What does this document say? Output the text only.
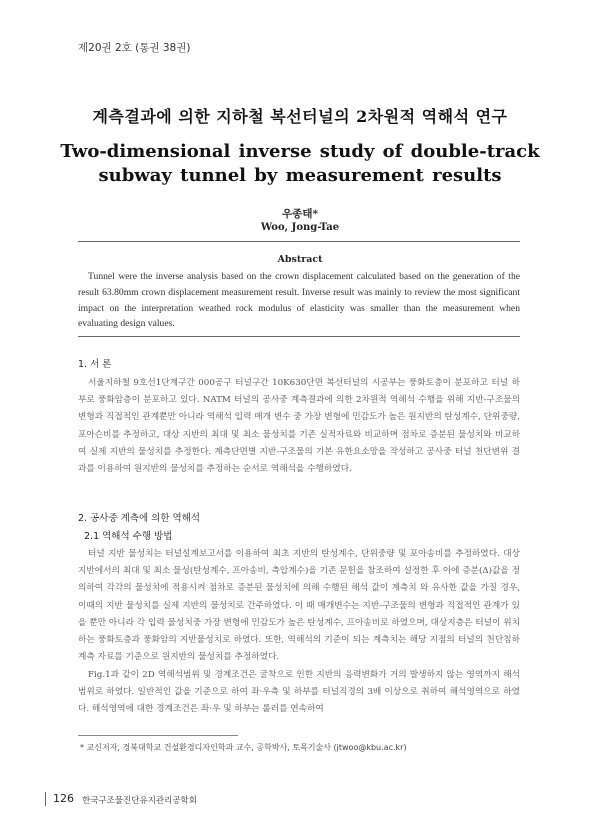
제20권 2호 (통권 38권)
계측결과에 의한 지하철 복선터널의 2차원적 역해석 연구
Two-dimensional inverse study of double-track subway tunnel by measurement results
우종태*
Woo, Jong-Tae
Abstract

Tunnel were the inverse analysis based on the crown displacement calculated based on the generation of the result 63.80mm crown displacement measurement result. Inverse result was mainly to review the most significant impact on the interpretation weathed rock modulus of elasticity was smaller than the measurement when evaluating design values.

1. 서 론

서울지하철 9호선1단계구간 000공구 터널구간 10K630단면 복선터널의 시공부는 풍화토층이 분포하고 터널 하부로 풍화암층이 분포하고 있다. NATM 터널의 공사중 계측결과에 의한 2차원적 역해석 수행을 위해 지반-구조물의 변형과 직접적인 관계뿐만 아니라 역해석 입력 매개 변수 중 가장 변형에 민감도가 높은 원지반의 탄성계수, 단위중량, 포아슨비를 추정하고, 대상 지반의 최대 및 최소 물성치를 기존 실적자료와 비교하며 점차로 증분된 물성치와 비교하여 실제 지반의 물성치를 추정한다. 계측단면별 지반-구조물의 기본 유한요소망을 작성하고 공사중 터널 천단변위 결과를 이용하여 원지반의 물성치를 추정하는 순서로 역해석을 수행하였다.

2. 공사중 계측에 의한 역해석
2.1 역해석 수행 방법

터널 지반 물성치는 터널설계보고서를 이용하여 최초 지반의 탄성계수, 단위중량 및 포아송비를 추정하였다. 대상지반에서의 최대 및 최소 물성(탄성계수, 프아송비, 측압계수)을 기존 문헌을 참조하여 설정한 후 이에 증분(Δ)값을 정의하여 각각의 물성치에 적용시켜 점차로 증분된 물성치에 의해 수행된 해석 값이 계측치 와 유사한 값을 가질 경우, 이때의 지반 물성치를 실제 지반의 물성치로 간주하였다. 이 때 매개변수는 지반-구조물의 변형과 직접적인 관계가 있을 뿐만 아니라 각 입력 물성치중 가장 변형에 민감도가 높은 탄성계수, 프아송비로 하였으며, 대상지층은 터널이 위치하는 풍화토층과 풍화암의 지반물성치로 하였다. 또한, 역해석의 기준이 되는 계측치는 해당 지점의 터널의 천단침하 계측 자료를 기준으로 원지반의 물성치를 추정하였다.

Fig.1과 같이 2D 역해석범위 및 경계조건은 굴착으로 인한 지반의 응력변화가 거의 발생하지 않는 영역까지 해석범위로 하였다. 일반적인 값을 기준으로 하여 좌·우측 및 하부를 터널직경의 3배 이상으로 취하여 해석영역으로 하였다. 해석영역에 대한 경계조건은 좌·우 및 하부는 롤러를 연속하여

* 교신저자, 경북대학교 건설환경디자인학과 교수, 공학박사, 토목기술사 (jtwoo@kbu.ac.kr)
126 한국구조물진단유지관리공학회
